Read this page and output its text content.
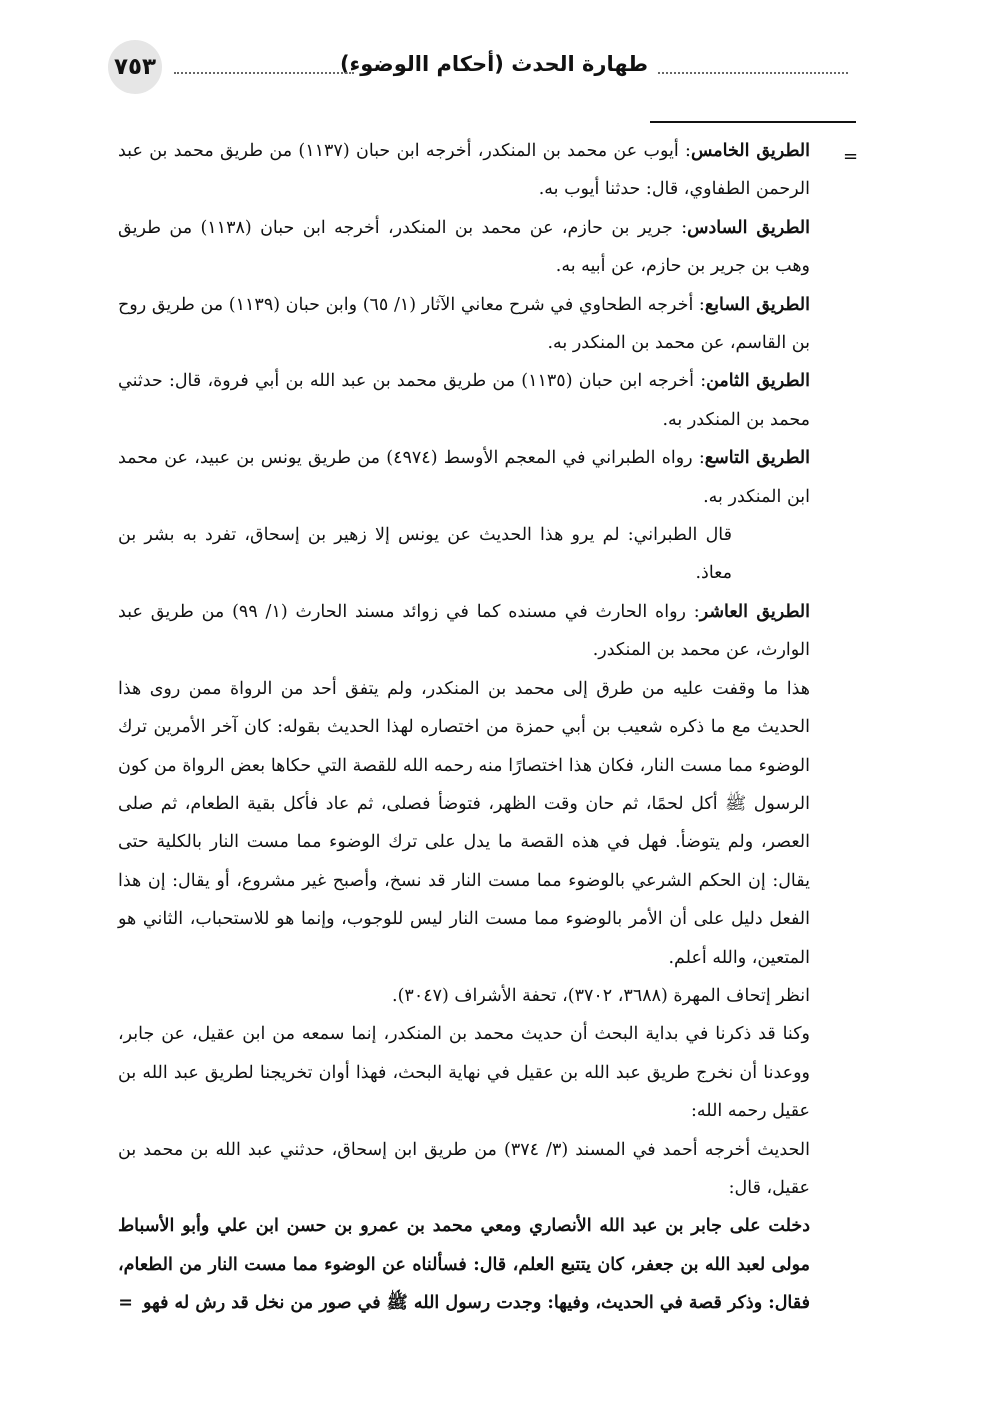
٧٥٣	طهارة الحدث (أحكام االوضوء)
=

الطريق الخامس: أيوب عن محمد بن المنكدر، أخرجه ابن حبان (١١٣٧) من طريق محمد بن عبد الرحمن الطفاوي، قال: حدثنا أيوب به.

الطريق السادس: جرير بن حازم، عن محمد بن المنكدر، أخرجه ابن حبان (١١٣٨) من طريق وهب بن جرير بن حازم، عن أبيه به.

الطريق السابع: أخرجه الطحاوي في شرح معاني الآثار (١/ ٦٥) وابن حبان (١١٣٩) من طريق روح بن القاسم، عن محمد بن المنكدر به.

الطريق الثامن: أخرجه ابن حبان (١١٣٥) من طريق محمد بن عبد الله بن أبي فروة، قال: حدثني محمد بن المنكدر به.

الطريق التاسع: رواه الطبراني في المعجم الأوسط (٤٩٧٤) من طريق يونس بن عبيد، عن محمد ابن المنكدر به.

قال الطبراني: لم يرو هذا الحديث عن يونس إلا زهير بن إسحاق، تفرد به بشر بن معاذ.

الطريق العاشر: رواه الحارث في مسنده كما في زوائد مسند الحارث (١/ ٩٩) من طريق عبد الوارث، عن محمد بن المنكدر.

هذا ما وقفت عليه من طرق إلى محمد بن المنكدر، ولم يتفق أحد من الرواة ممن روى هذا الحديث مع ما ذكره شعيب بن أبي حمزة من اختصاره لهذا الحديث بقوله: كان آخر الأمرين ترك الوضوء مما مست النار، فكان هذا اختصارًا منه رحمه الله للقصة التي حكاها بعض الرواة من كون الرسول ﷺ أكل لحمًا، ثم حان وقت الظهر، فتوضأ فصلى، ثم عاد فأكل بقية الطعام، ثم صلى العصر، ولم يتوضأ. فهل في هذه القصة ما يدل على ترك الوضوء مما مست النار بالكلية حتى يقال: إن الحكم الشرعي بالوضوء مما مست النار قد نسخ، وأصبح غير مشروع، أو يقال: إن هذا الفعل دليل على أن الأمر بالوضوء مما مست النار ليس للوجوب، وإنما هو للاستحباب، الثاني هو المتعين، والله أعلم.

انظر إتحاف المهرة (٣٦٨٨، ٣٧٠٢)، تحفة الأشراف (٣٠٤٧).

وكنا قد ذكرنا في بداية البحث أن حديث محمد بن المنكدر، إنما سمعه من ابن عقيل، عن جابر، ووعدنا أن نخرج طريق عبد الله بن عقيل في نهاية البحث، فهذا أوان تخريجنا لطريق عبد الله بن عقيل رحمه الله:

الحديث أخرجه أحمد في المسند (٣/ ٣٧٤) من طريق ابن إسحاق، حدثني عبد الله بن محمد بن عقيل، قال:

دخلت على جابر بن عبد الله الأنصاري ومعي محمد بن عمرو بن حسن ابن علي وأبو الأسباط مولى لعبد الله بن جعفر، كان يتتبع العلم، قال: فسألناه عن الوضوء مما مست النار من الطعام، فقال: وذكر قصة في الحديث، وفيها: وجدت رسول الله ﷺ في صور من نخل قد رش له فهو=
